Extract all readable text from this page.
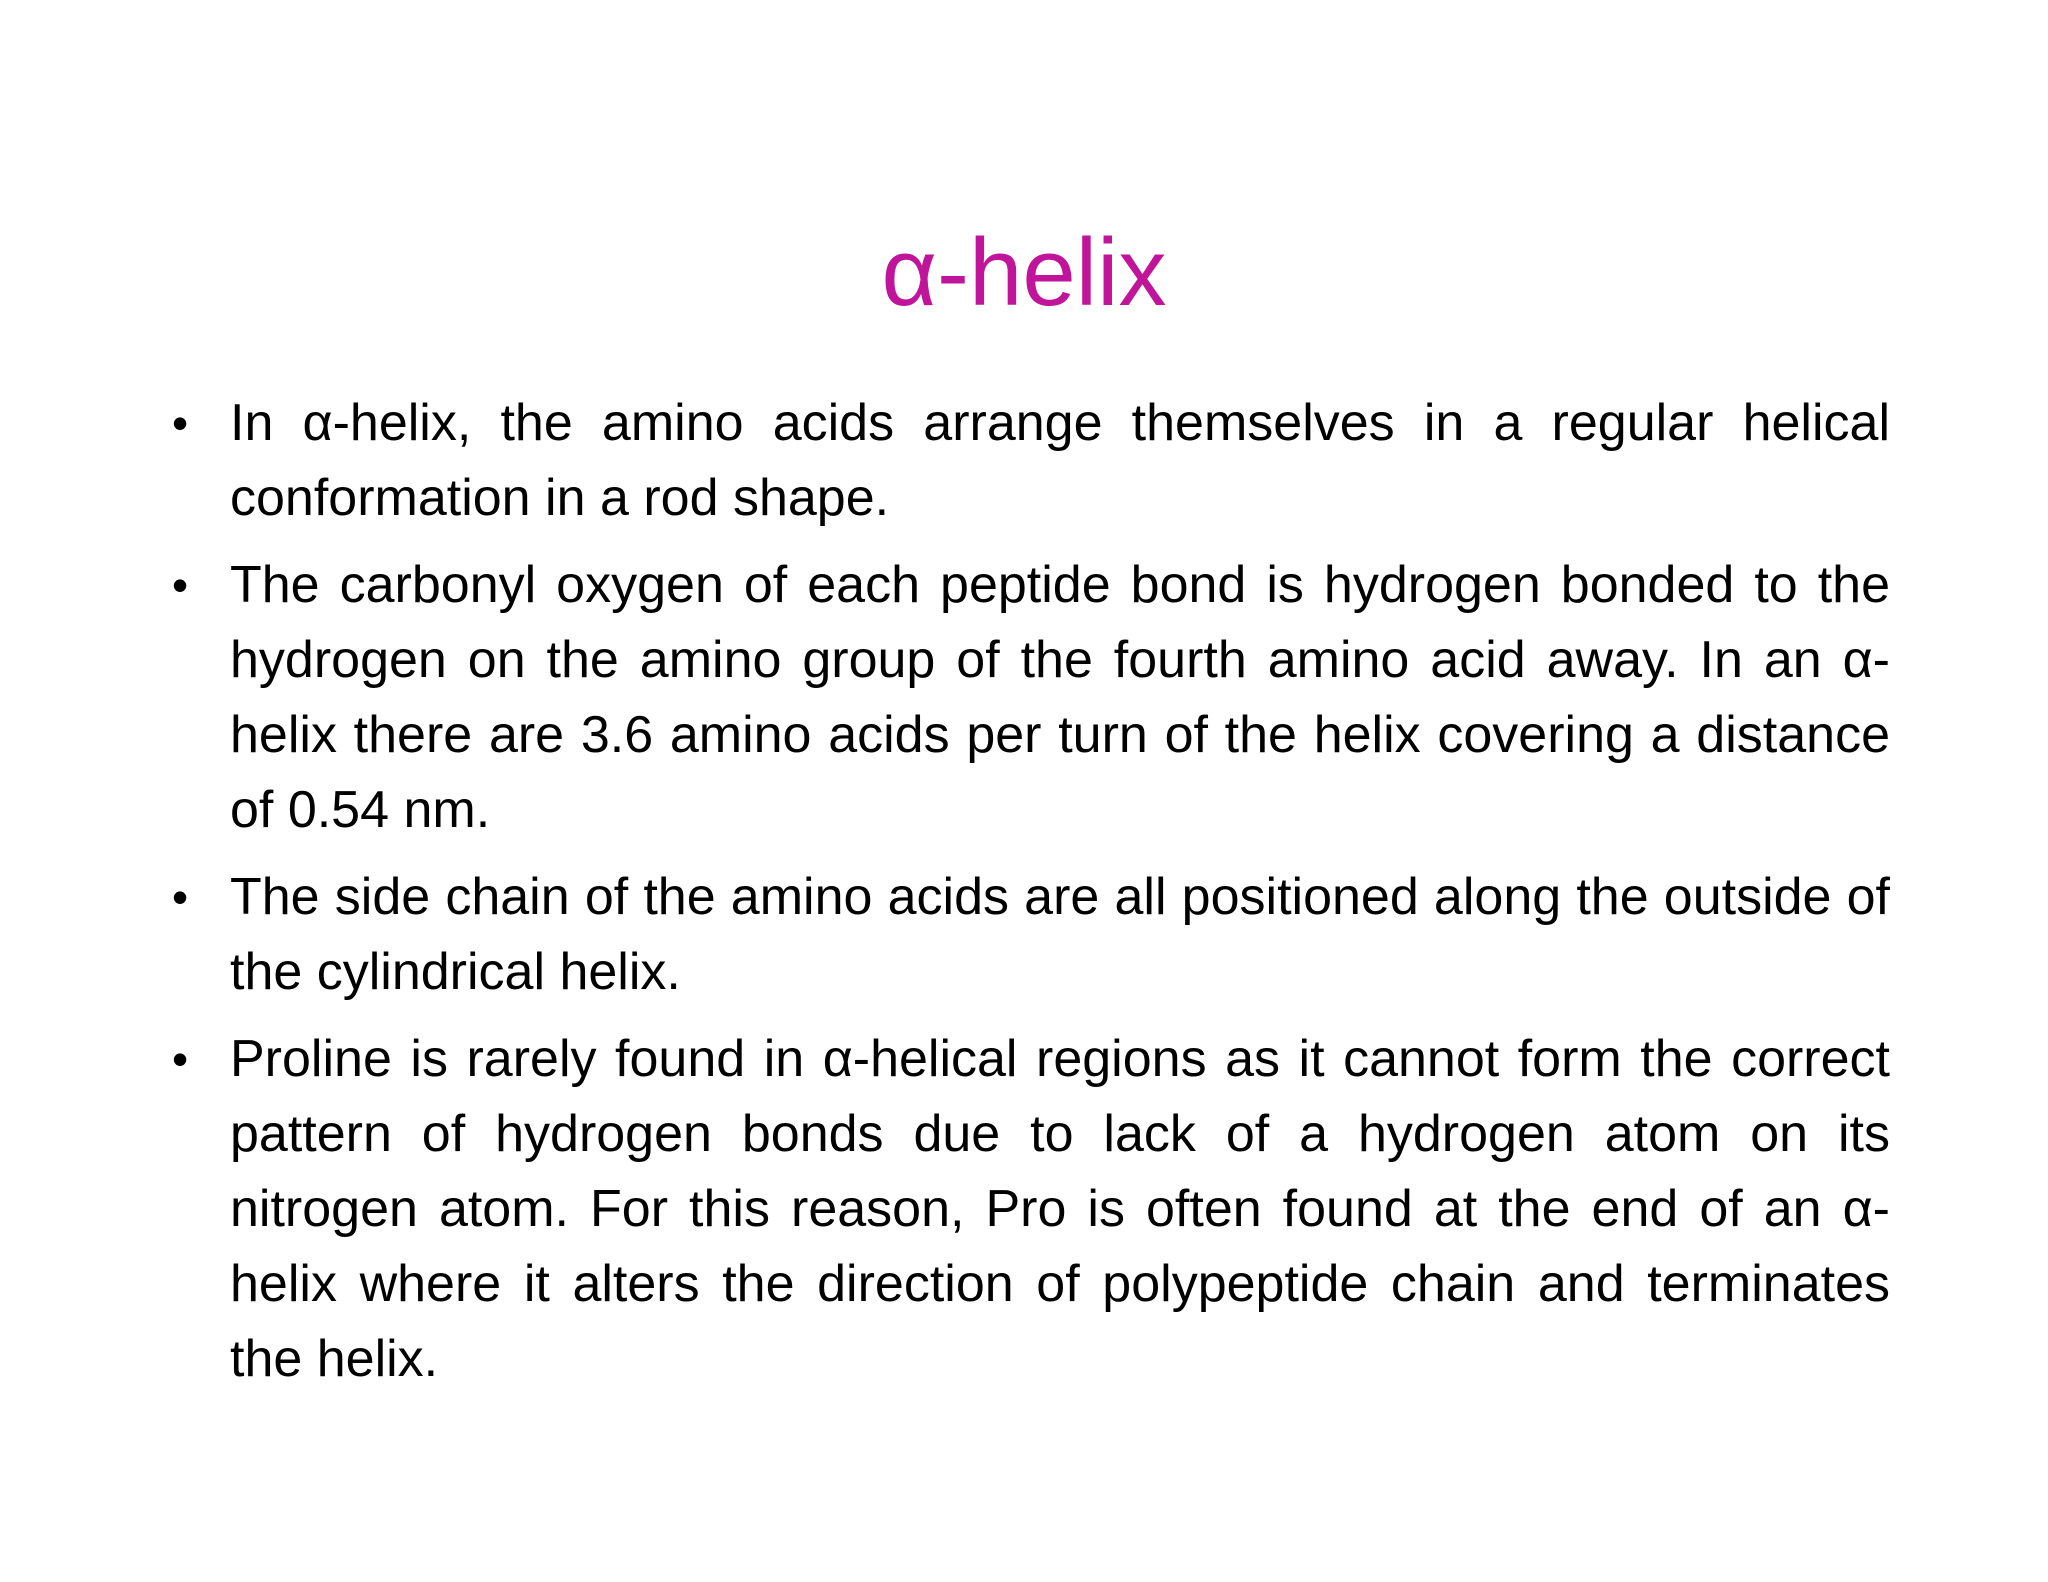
α-helix
• In α-helix, the amino acids arrange themselves in a regular helical conformation in a rod shape.
• The carbonyl oxygen of each peptide bond is hydrogen bonded to the hydrogen on the amino group of the fourth amino acid away. In an α-helix there are 3.6 amino acids per turn of the helix covering a distance of 0.54 nm.
• The side chain of the amino acids are all positioned along the outside of the cylindrical helix.
• Proline is rarely found in α-helical regions as it cannot form the correct pattern of hydrogen bonds due to lack of a hydrogen atom on its nitrogen atom. For this reason, Pro is often found at the end of an α-helix where it alters the direction of polypeptide chain and terminates the helix.
